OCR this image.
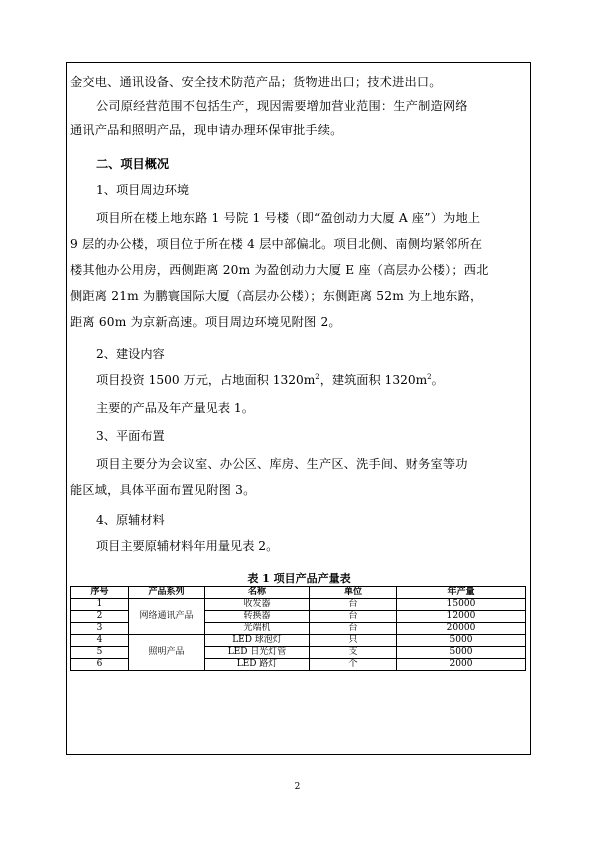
金交电、通讯设备、安全技术防范产品；货物进出口；技术进出口。
公司原经营范围不包括生产，现因需要增加营业范围：生产制造网络
通讯产品和照明产品，现申请办理环保审批手续。
二、项目概况
1、项目周边环境
项目所在楼上地东路 1 号院 1 号楼（即“盈创动力大厦 A 座”）为地上
9 层的办公楼，项目位于所在楼 4 层中部偏北。项目北侧、南侧均紧邻所在
楼其他办公用房，西侧距离 20m 为盈创动力大厦 E 座（高层办公楼）；西北
侧距离 21m 为鹏寰国际大厦（高层办公楼）；东侧距离 52m 为上地东路，
距离 60m 为京新高速。项目周边环境见附图 2。
2、建设内容
项目投资 1500 万元，占地面积 $1320m^2$，建筑面积 $1320m^2$。
主要的产品及年产量见表 1。
3、平面布置
项目主要分为会议室、办公区、库房、生产区、洗手间、财务室等功
能区域，具体平面布置见附图 3。
4、原辅材料
项目主要原辅材料年用量见表 2。
表 1 项目产品产量表
序号	产品系列	名称	单位	年产量
1	网络通讯产品	收发器	台	15000
2		转换器	台	12000
3		光端机	台	20000
4	照明产品	LED 球泡灯	只	5000
5		LED 日光灯管	支	5000
6		LED 路灯	个	2000
2
